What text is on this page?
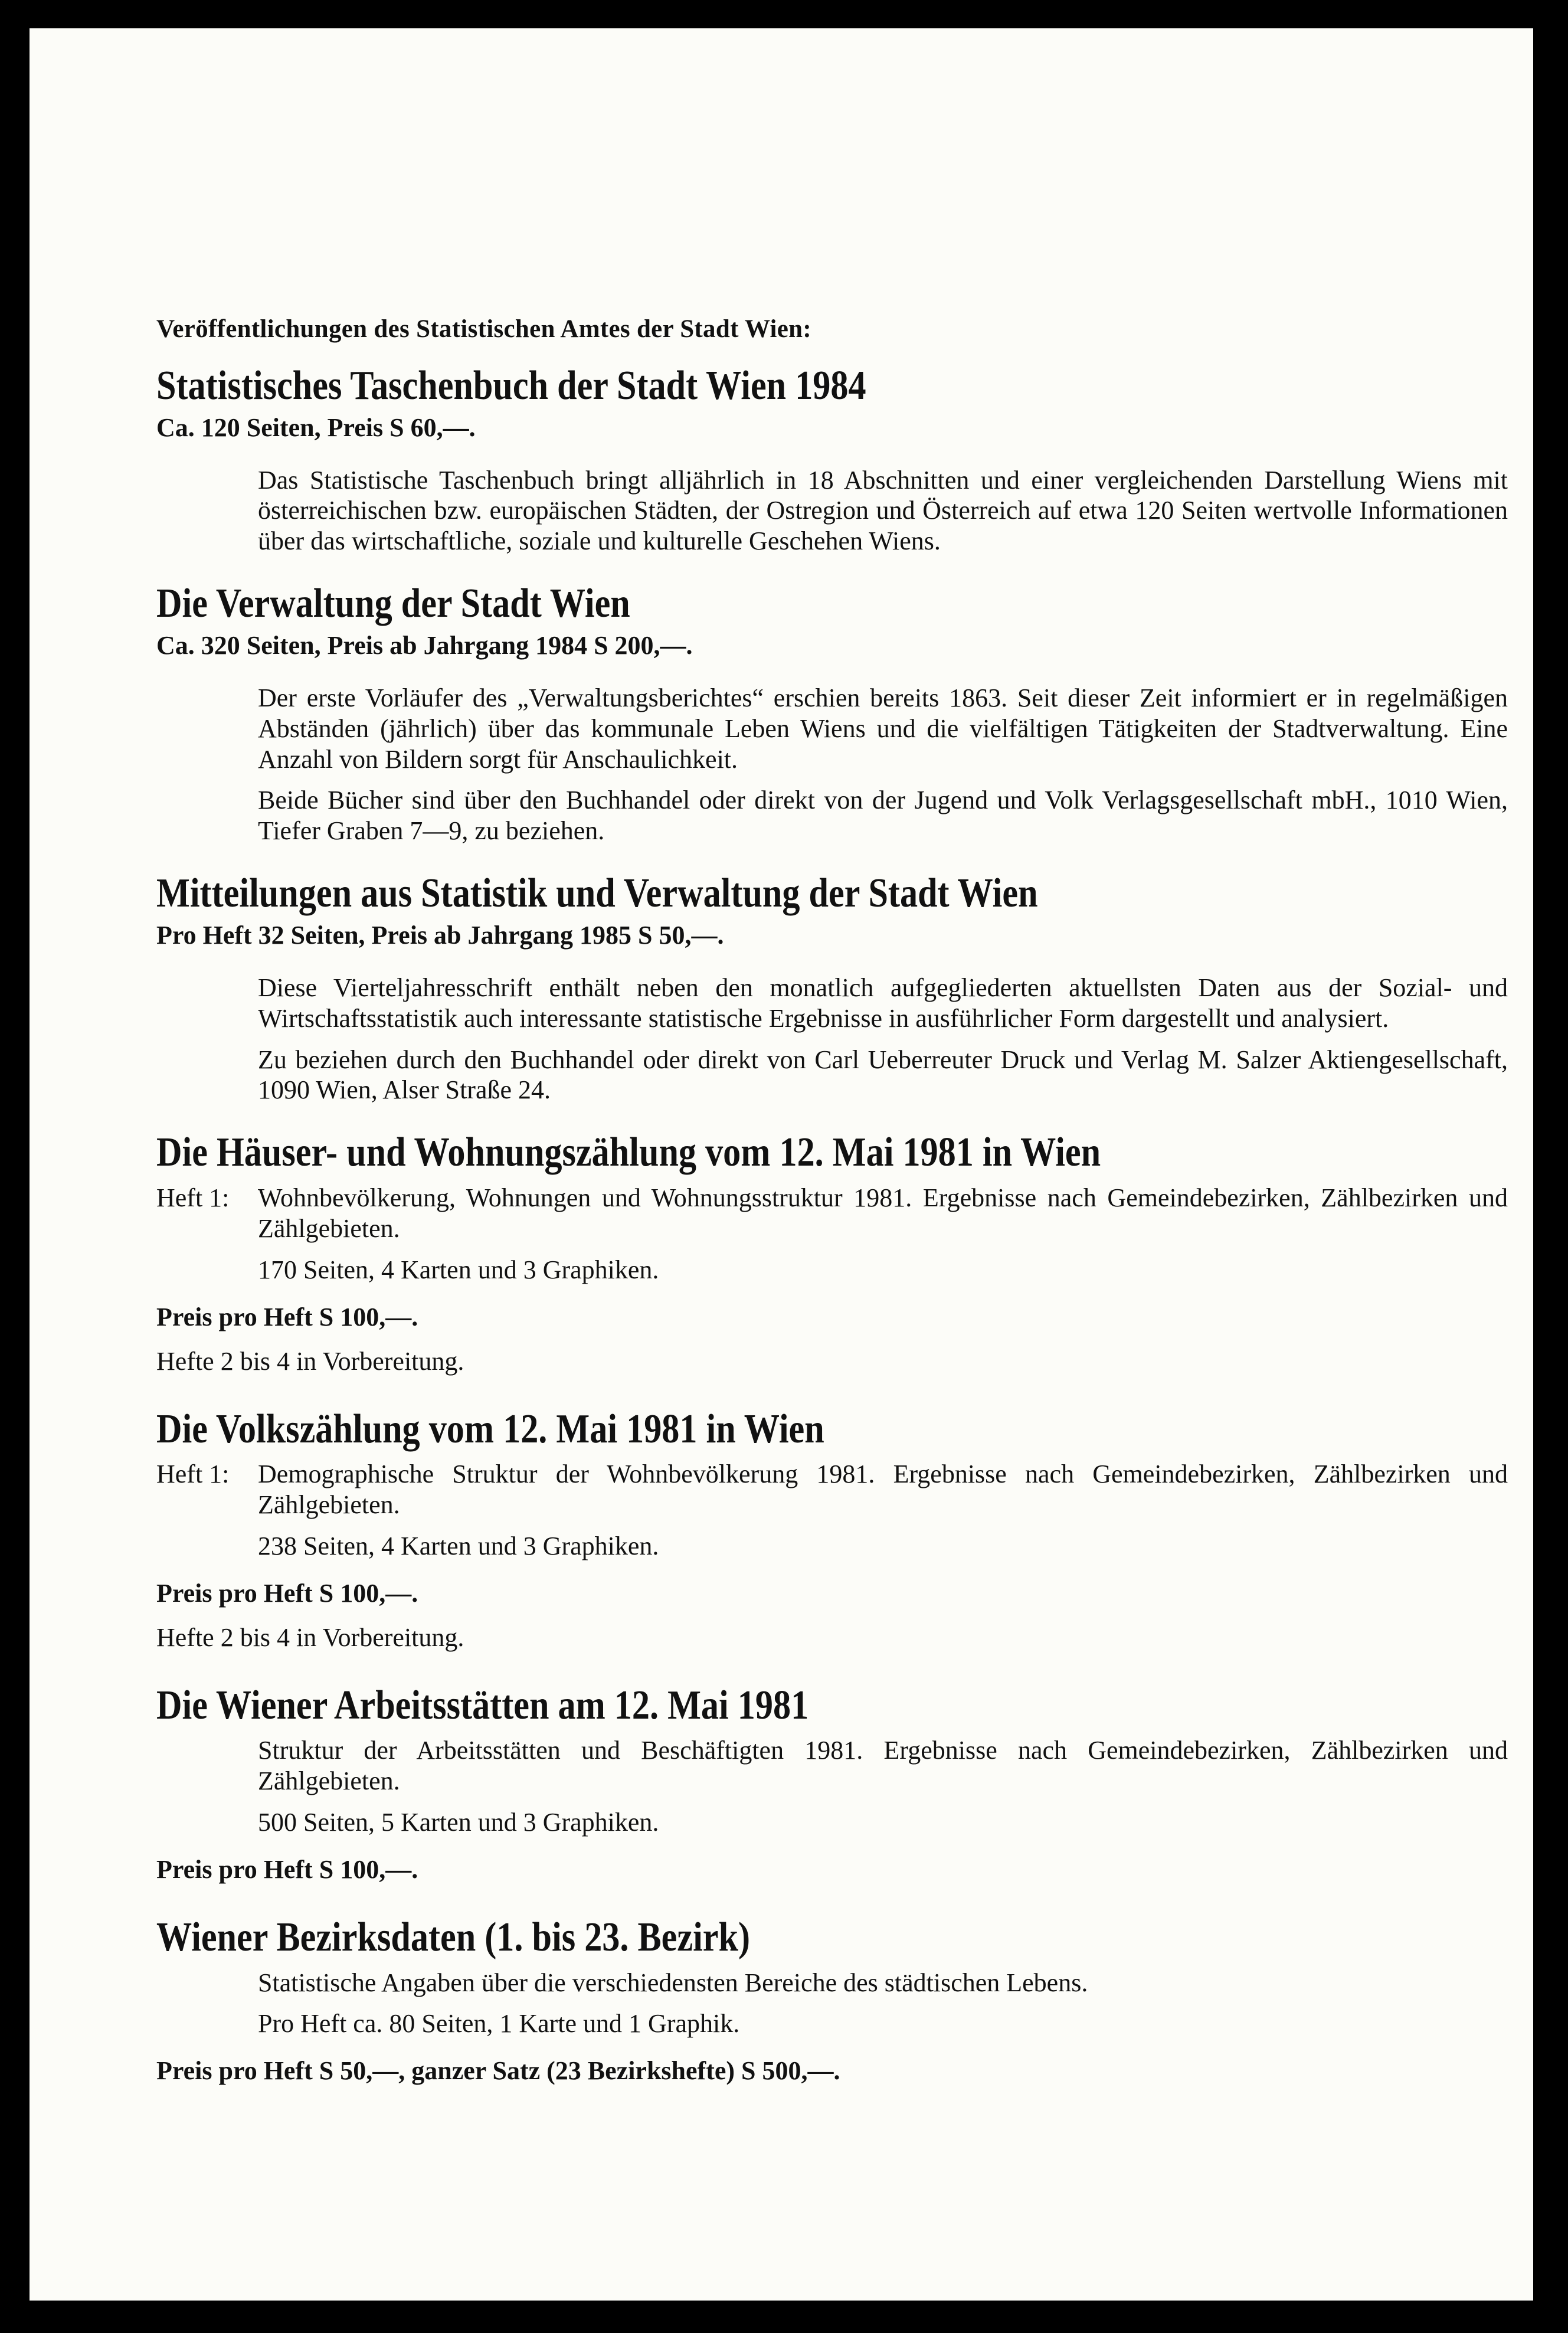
Veröffentlichungen des Statistischen Amtes der Stadt Wien:
Statistisches Taschenbuch der Stadt Wien 1984
Ca. 120 Seiten, Preis S 60,—.
Das Statistische Taschenbuch bringt alljährlich in 18 Abschnitten und einer vergleichenden Darstellung Wiens mit österreichischen bzw. europäischen Städten, der Ostregion und Österreich auf etwa 120 Seiten wertvolle Informationen über das wirtschaftliche, soziale und kulturelle Geschehen Wiens.
Die Verwaltung der Stadt Wien
Ca. 320 Seiten, Preis ab Jahrgang 1984 S 200,—.
Der erste Vorläufer des „Verwaltungsberichtes“ erschien bereits 1863. Seit dieser Zeit informiert er in regelmäßigen Abständen (jährlich) über das kommunale Leben Wiens und die vielfältigen Tätigkeiten der Stadtverwaltung. Eine Anzahl von Bildern sorgt für Anschaulichkeit.
Beide Bücher sind über den Buchhandel oder direkt von der Jugend und Volk Verlagsgesellschaft mbH., 1010 Wien, Tiefer Graben 7—9, zu beziehen.
Mitteilungen aus Statistik und Verwaltung der Stadt Wien
Pro Heft 32 Seiten, Preis ab Jahrgang 1985 S 50,—.
Diese Vierteljahresschrift enthält neben den monatlich aufgegliederten aktuellsten Daten aus der Sozial- und Wirtschaftsstatistik auch interessante statistische Ergebnisse in ausführlicher Form dargestellt und analysiert.
Zu beziehen durch den Buchhandel oder direkt von Carl Ueberreuter Druck und Verlag M. Salzer Aktiengesellschaft, 1090 Wien, Alser Straße 24.
Die Häuser- und Wohnungszählung vom 12. Mai 1981 in Wien
Heft 1:	Wohnbevölkerung, Wohnungen und Wohnungsstruktur 1981. Ergebnisse nach Gemeindebezirken, Zählbezirken und Zählgebieten.
170 Seiten, 4 Karten und 3 Graphiken.
Preis pro Heft S 100,—.
Hefte 2 bis 4 in Vorbereitung.
Die Volkszählung vom 12. Mai 1981 in Wien
Heft 1:	Demographische Struktur der Wohnbevölkerung 1981. Ergebnisse nach Gemeindebezirken, Zählbezirken und Zählgebieten.
238 Seiten, 4 Karten und 3 Graphiken.
Preis pro Heft S 100,—.
Hefte 2 bis 4 in Vorbereitung.
Die Wiener Arbeitsstätten am 12. Mai 1981
Struktur der Arbeitsstätten und Beschäftigten 1981. Ergebnisse nach Gemeindebezirken, Zählbezirken und Zählgebieten.
500 Seiten, 5 Karten und 3 Graphiken.
Preis pro Heft S 100,—.
Wiener Bezirksdaten (1. bis 23. Bezirk)
Statistische Angaben über die verschiedensten Bereiche des städtischen Lebens.
Pro Heft ca. 80 Seiten, 1 Karte und 1 Graphik.
Preis pro Heft S 50,—, ganzer Satz (23 Bezirkshefte) S 500,—.
